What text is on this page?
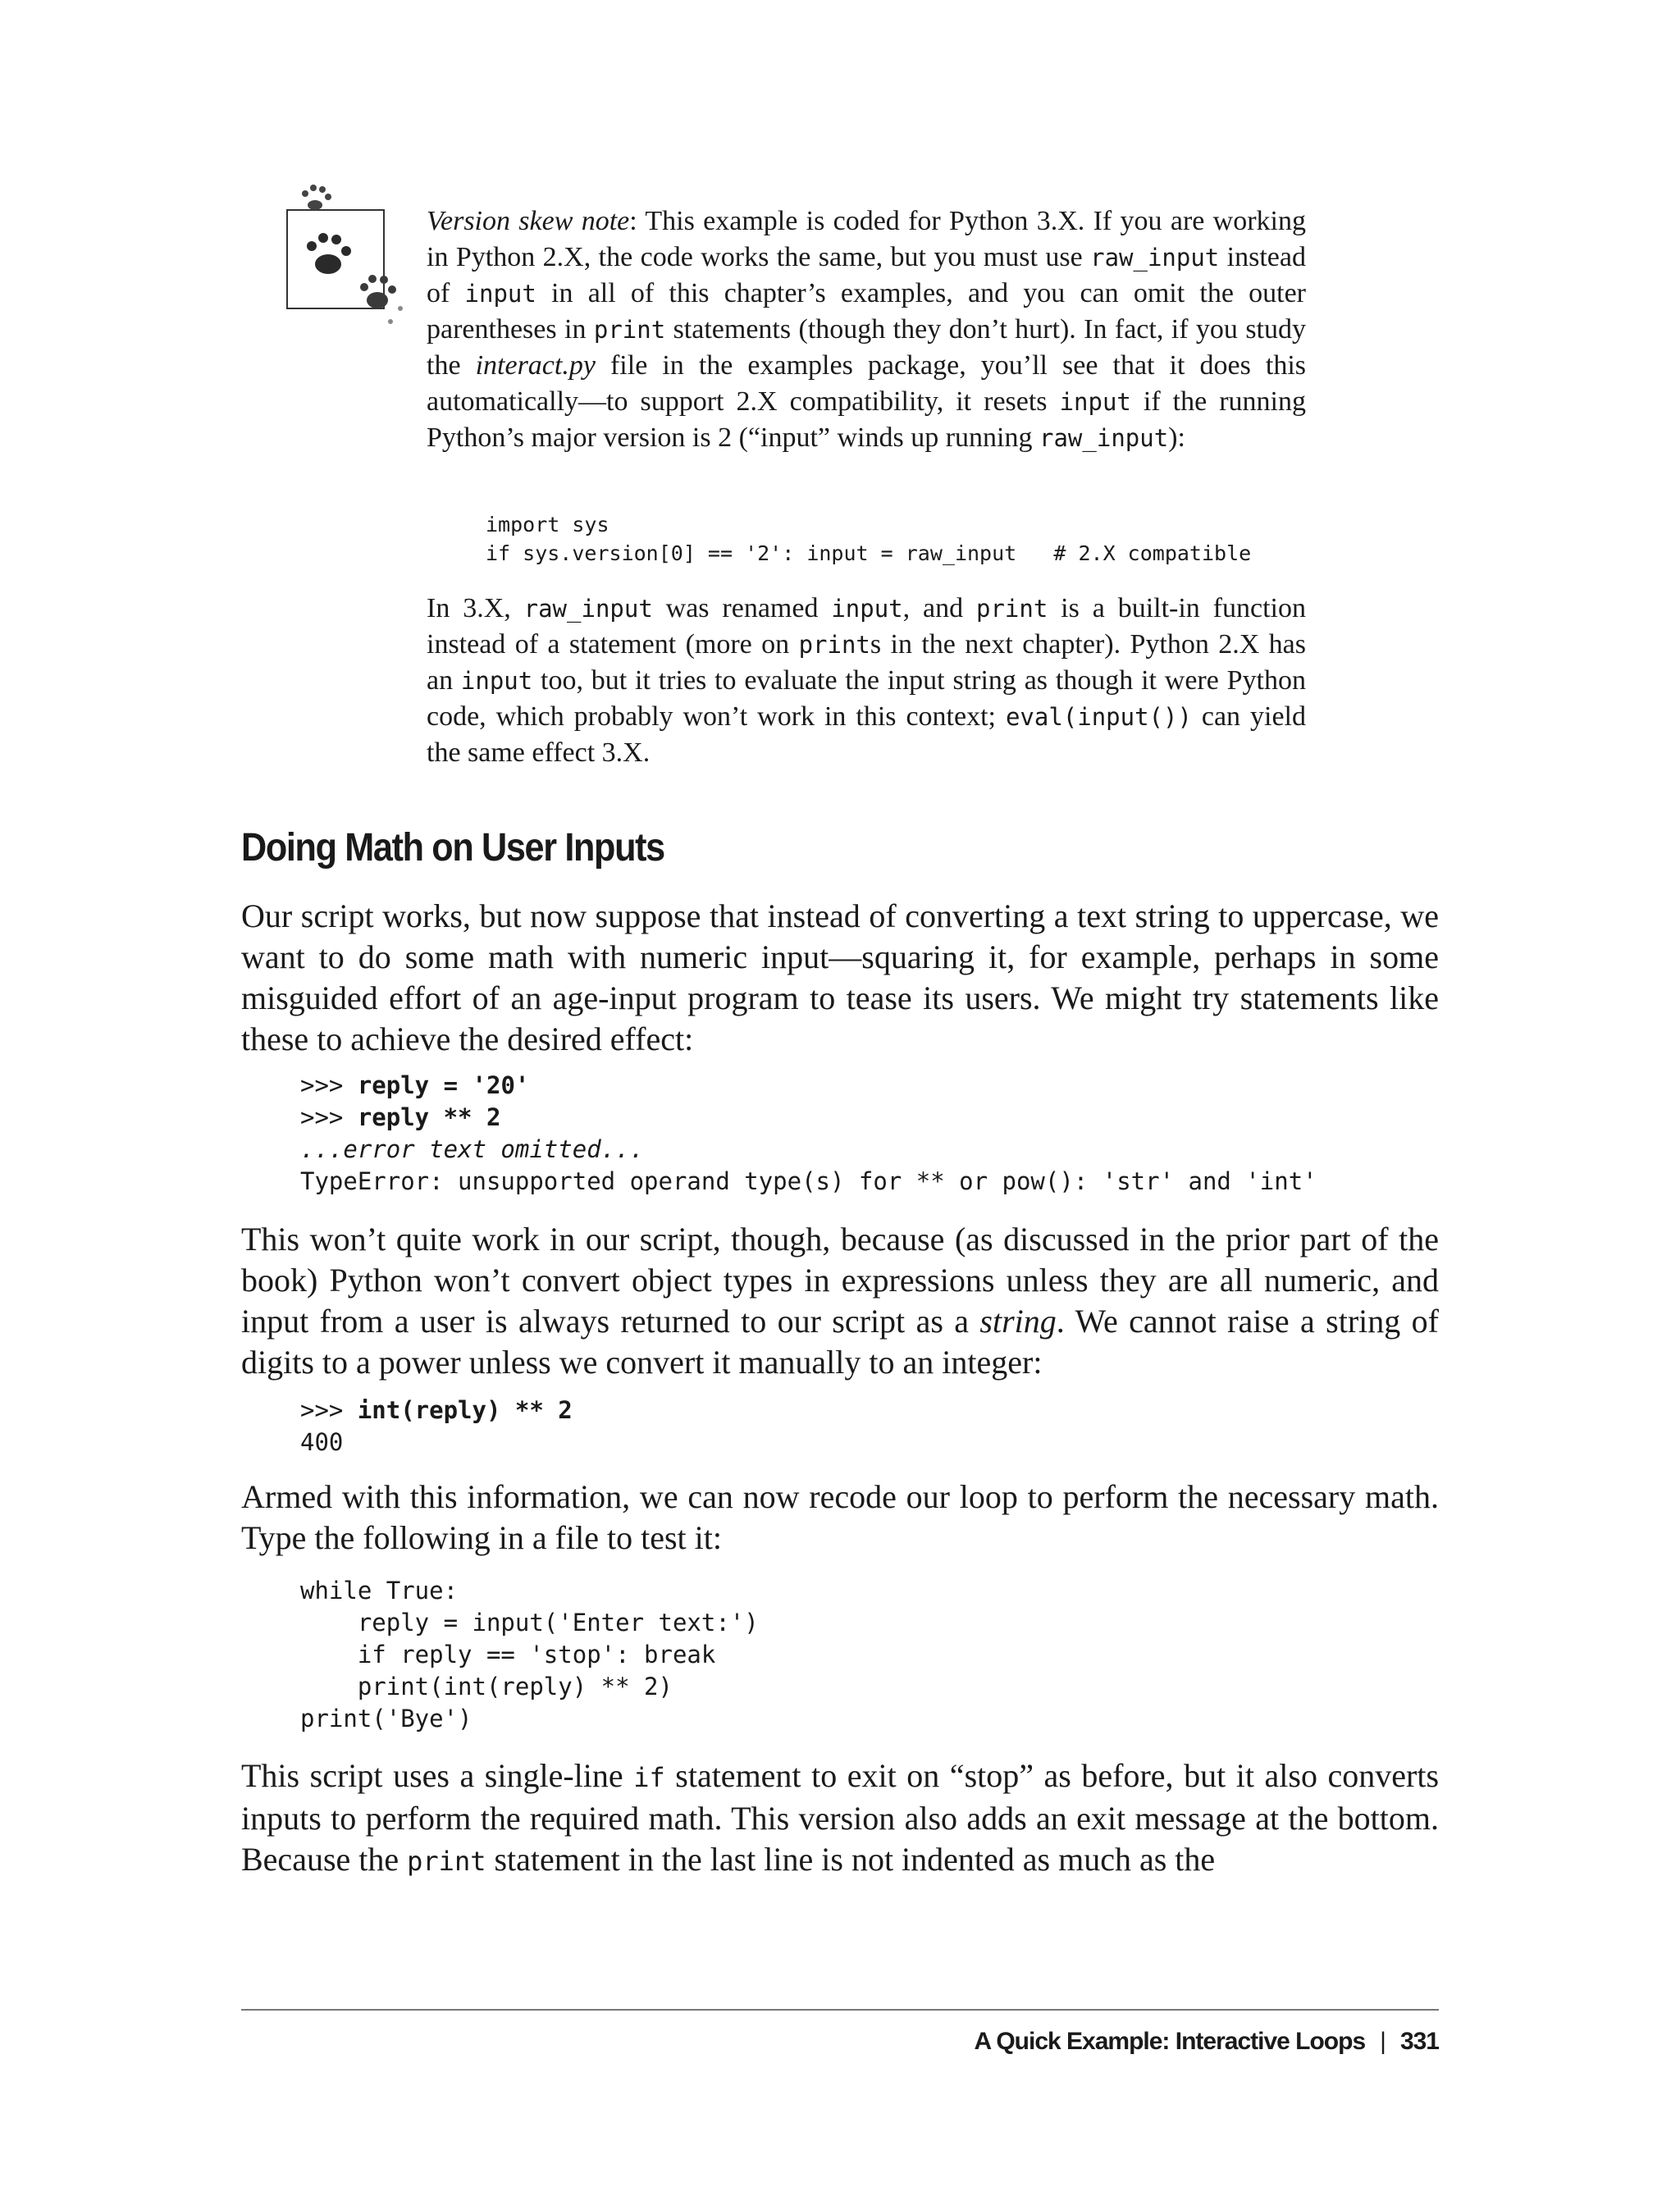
Version skew note: This example is coded for Python 3.X. If you are working in Python 2.X, the code works the same, but you must use raw_input instead of input in all of this chapter’s examples, and you can omit the outer parentheses in print statements (though they don’t hurt). In fact, if you study the interact.py file in the examples package, you’ll see that it does this automatically—to support 2.X compatibility, it resets input if the running Python’s major version is 2 (“input” winds up running raw_input):

import sys
if sys.version[0] == '2': input = raw_input   # 2.X compatible

In 3.X, raw_input was renamed input, and print is a built-in function instead of a statement (more on prints in the next chapter). Python 2.X has an input too, but it tries to evaluate the input string as though it were Python code, which probably won’t work in this context; eval(input()) can yield the same effect 3.X.

Doing Math on User Inputs

Our script works, but now suppose that instead of converting a text string to uppercase, we want to do some math with numeric input—squaring it, for example, perhaps in some misguided effort of an age-input program to tease its users. We might try statements like these to achieve the desired effect:

>>> reply = '20'
>>> reply ** 2
...error text omitted...
TypeError: unsupported operand type(s) for ** or pow(): 'str' and 'int'

This won’t quite work in our script, though, because (as discussed in the prior part of the book) Python won’t convert object types in expressions unless they are all numeric, and input from a user is always returned to our script as a string. We cannot raise a string of digits to a power unless we convert it manually to an integer:

>>> int(reply) ** 2
400

Armed with this information, we can now recode our loop to perform the necessary math. Type the following in a file to test it:

while True:
reply = input('Enter text:')
if reply == 'stop': break
print(int(reply) ** 2)
print('Bye')

This script uses a single-line if statement to exit on “stop” as before, but it also converts inputs to perform the required math. This version also adds an exit message at the bottom. Because the print statement in the last line is not indented as much as the

A Quick Example: Interactive Loops | 331
